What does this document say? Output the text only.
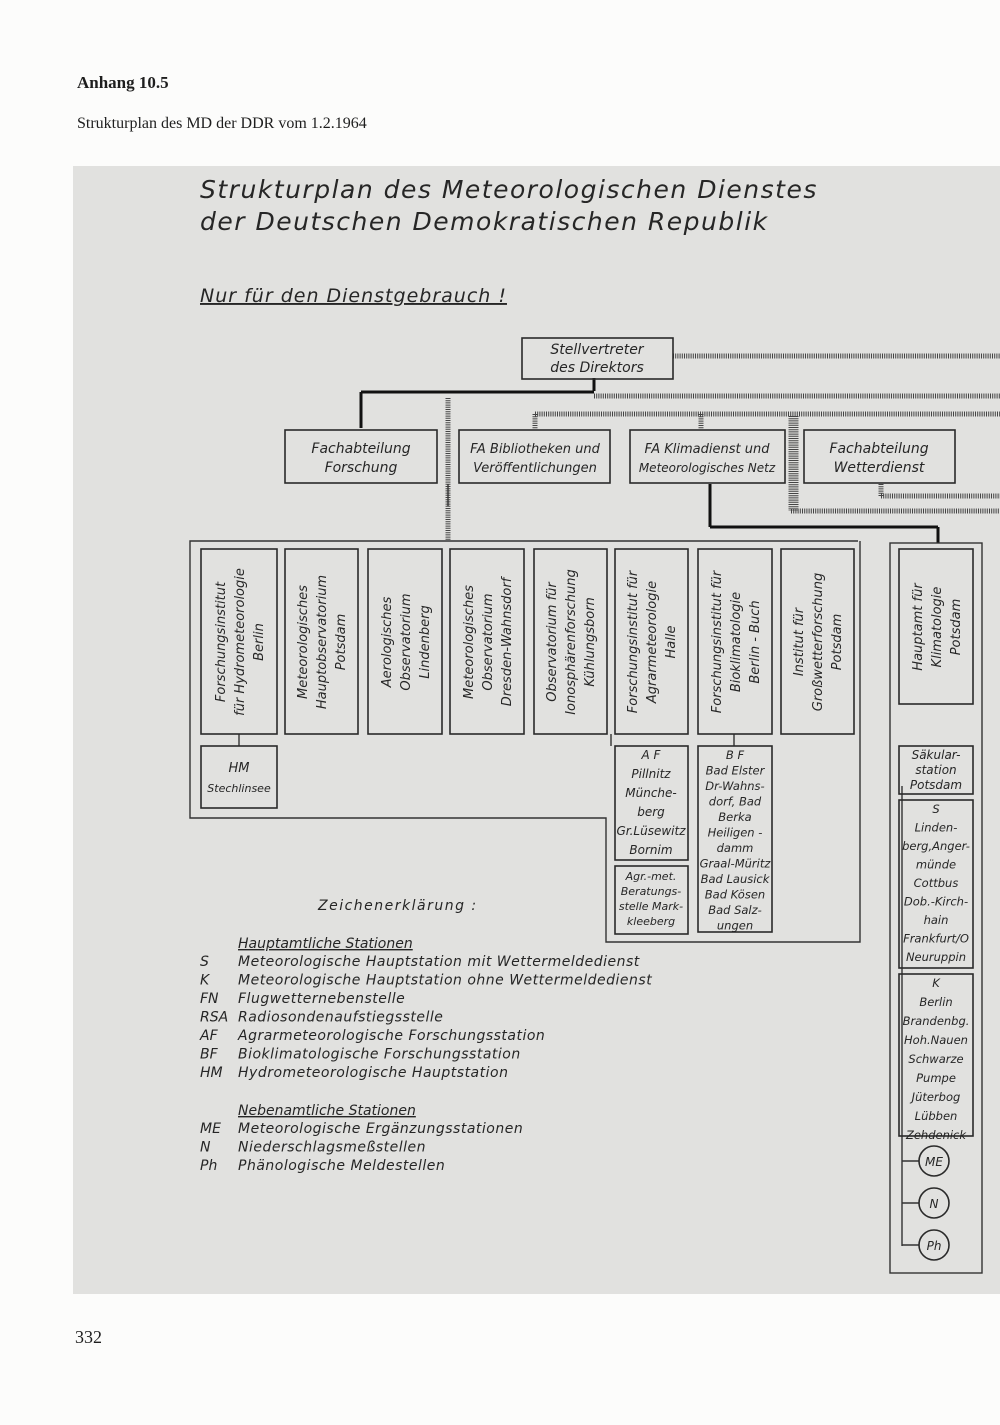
Anhang 10.5
Strukturplan des MD der DDR vom 1.2.1964
Strukturplan des Meteorologischen Dienstes
der Deutschen Demokratischen Republik
Nur für den Dienstgebrauch !
Stellvertreter
des Direktors
Fachabteilung
Forschung
FA Bibliotheken und
Veröffentlichungen
FA Klimadienst und
Meteorologisches Netz
Fachabteilung
Wetterdienst
Forschungsinstitut für Hydrometeorologie Berlin Meteorologisches Hauptobservatorium Potsdam Aerologisches Observatorium Lindenberg Meteorologisches Observatorium Dresden-Wahnsdorf Observatorium für Ionosphärenforschung Kühlungsborn Forschungsinstitut für Agrarmeteorologie Halle Forschungsinstitut für Bioklimatologie Berlin - Buch Institut für Großwetterforschung Potsdam	Hauptamt für Klimatologie Potsdam
HM
Stechlinsee
A F
Pillnitz
Münche-
berg
Gr.Lüsewitz
Bornim
Agr.-met.
Beratungs-
stelle Mark-
kleeberg
B F
Bad Elster
Dr-Wahns-
dorf, Bad
Berka
Heiligen -
damm
Graal-Müritz
Bad Lausick
Bad Kösen
Bad Salz-
ungen
Säkular-
station
Potsdam
S
Linden-
berg,Anger-
münde
Cottbus
Dob.-Kirch-
hain
Frankfurt/O
Neuruppin
K
Berlin
Brandenbg.
Hoh.Nauen
Schwarze
Pumpe
Jüterbog
Lübben
Zehdenick
ME
N
Ph
Zeichenerklärung :
Hauptamtliche Stationen
S Meteorologische Hauptstation mit Wettermeldedienst
K Meteorologische Hauptstation ohne Wettermeldedienst
FN Flugwetternebenstelle
RSA Radiosondenaufstiegsstelle
AF Agrarmeteorologische Forschungsstation
BF Bioklimatologische Forschungsstation
HM Hydrometeorologische Hauptstation
Nebenamtliche Stationen
ME Meteorologische Ergänzungsstationen
N Niederschlagsmeßstellen
Ph Phänologische Meldestellen
332
